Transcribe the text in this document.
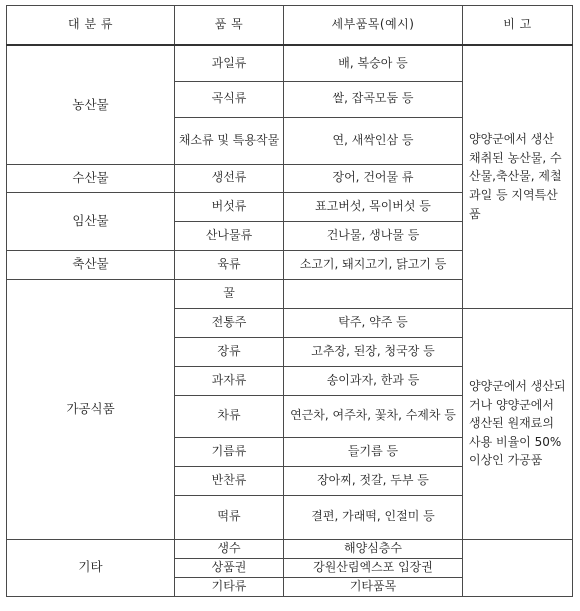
대 분 류	품 목	세부품목(예시)	비 고
농산물	과일류	배, 복숭아 등	양양군에서 생산 채취된 농산물, 수산물,축산물, 제철과일 등 지역특산품
	곡식류	쌀, 잡곡모둠 등	
	채소류 및 특용작물	연, 새싹인삼 등	
수산물	생선류	장어, 건어물 류	
임산물	버섯류	표고버섯, 목이버섯 등	
	산나물류	건나물, 생나물 등	
축산물	육류	소고기, 돼지고기, 닭고기 등	
가공식품	꿀		
	전통주	탁주, 약주 등	양양군에서 생산되거나 양양군에서 생산된 원재료의 사용 비율이 50% 이상인 가공품
	장류	고추장, 된장, 청국장 등	
	과자류	송이과자, 한과 등	
	차류	연근차, 여주차, 꽃차, 수제차 등	
	기름류	들기름 등	
	반찬류	장아찌, 젓갈, 두부 등	
	떡류	결편, 가래떡, 인절미 등	
기타	생수	해양심층수	
	상품권	강원산림엑스포 입장권	
	기타류	기타품목	
